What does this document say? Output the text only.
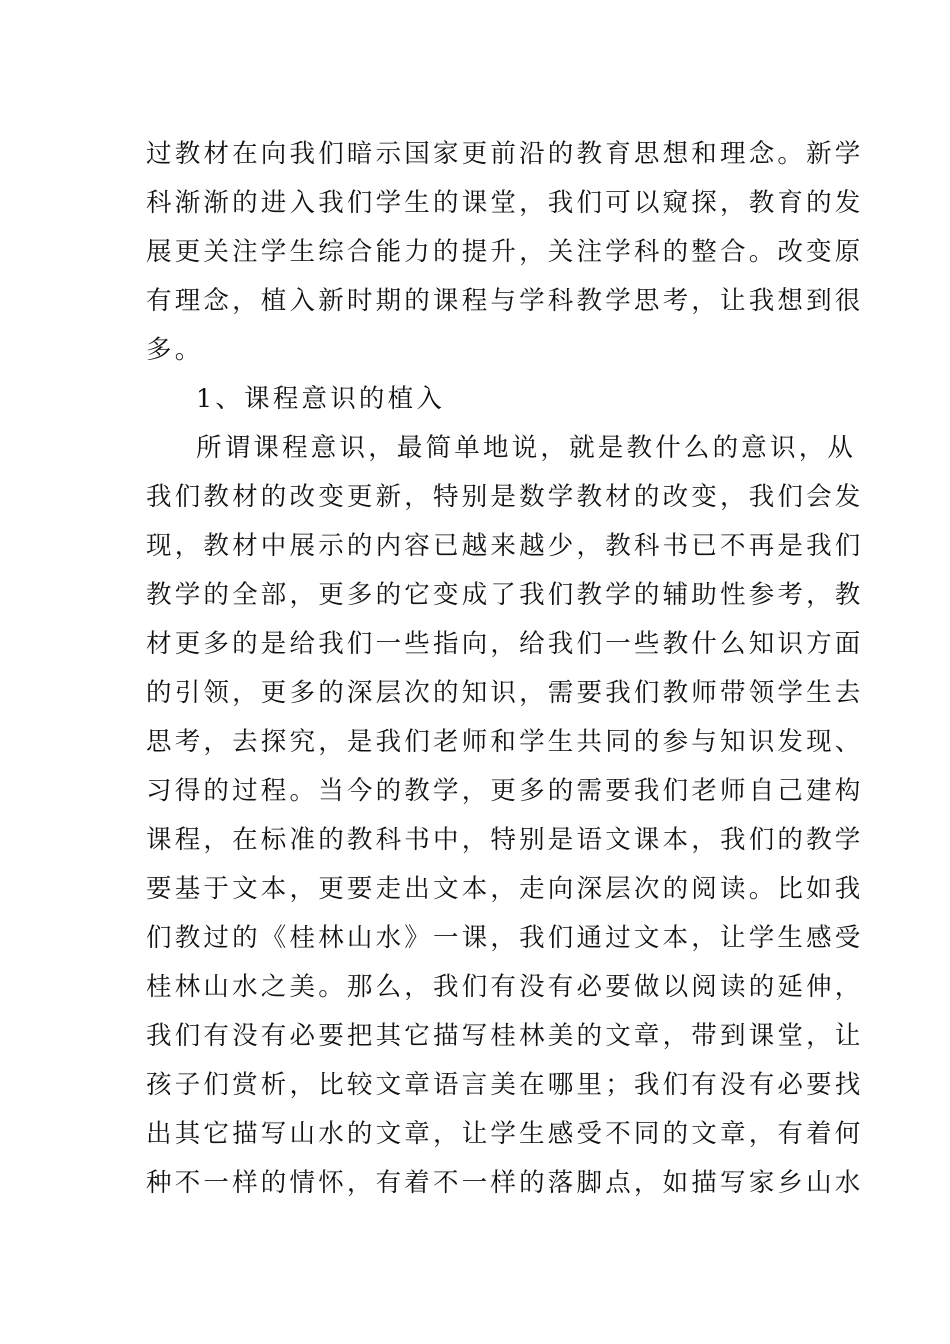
过教材在向我们暗示国家更前沿的教育思想和理念。新学
科渐渐的进入我们学生的课堂，我们可以窥探，教育的发
展更关注学生综合能力的提升，关注学科的整合。改变原
有理念，植入新时期的课程与学科教学思考，让我想到很
多。
1、课程意识的植入
所谓课程意识，最简单地说，就是教什么的意识，从
我们教材的改变更新，特别是数学教材的改变，我们会发
现，教材中展示的内容已越来越少，教科书已不再是我们
教学的全部，更多的它变成了我们教学的辅助性参考，教
材更多的是给我们一些指向，给我们一些教什么知识方面
的引领，更多的深层次的知识，需要我们教师带领学生去
思考，去探究，是我们老师和学生共同的参与知识发现、
习得的过程。当今的教学，更多的需要我们老师自己建构
课程，在标准的教科书中，特别是语文课本，我们的教学
要基于文本，更要走出文本，走向深层次的阅读。比如我
们教过的《桂林山水》一课，我们通过文本，让学生感受
桂林山水之美。那么，我们有没有必要做以阅读的延伸，
我们有没有必要把其它描写桂林美的文章，带到课堂，让
孩子们赏析，比较文章语言美在哪里；我们有没有必要找
出其它描写山水的文章，让学生感受不同的文章，有着何
种不一样的情怀，有着不一样的落脚点，如描写家乡山水
